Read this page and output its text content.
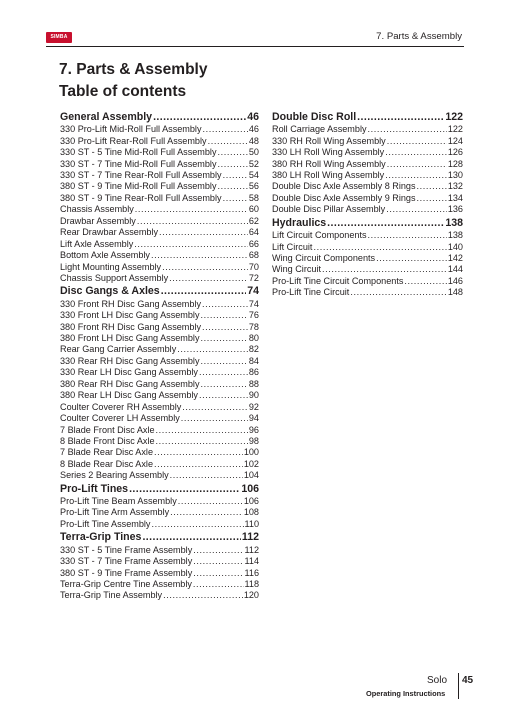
SIMBA	7. Parts & Assembly
7. Parts & Assembly
Table of contents
General Assembly .....	46
330 Pro-Lift Mid-Roll Full Assembly .....	46
330 Pro-Lift Rear-Roll Full Assembly .....	48
330 ST - 5 Tine Mid-Roll Full Assembly .....	50
330 ST - 7 Tine Mid-Roll Full Assembly .....	52
330 ST - 7 Tine Rear-Roll Full Assembly .....	54
380 ST - 9 Tine Mid-Roll Full Assembly .....	56
380 ST - 9 Tine Rear-Roll Full Assembly .....	58
Chassis Assembly .....	60
Drawbar Assembly .....	62
Rear Drawbar Assembly .....	64
Lift Axle Assembly .....	66
Bottom Axle Assembly .....	68
Light Mounting Assembly .....	70
Chassis Support Assembly .....	72
Disc Gangs & Axles .....	74
330 Front RH Disc Gang Assembly .....	74
330 Front LH Disc Gang Assembly .....	76
380 Front RH Disc Gang Assembly .....	78
380 Front LH Disc Gang Assembly .....	80
Rear Gang Carrier Assembly .....	82
330 Rear RH Disc Gang Assembly .....	84
330 Rear LH Disc Gang Assembly .....	86
380 Rear RH Disc Gang Assembly .....	88
380 Rear LH Disc Gang Assembly .....	90
Coulter Coverer RH Assembly .....	92
Coulter Coverer LH Assembly .....	94
7 Blade Front Disc Axle .....	96
8 Blade Front Disc Axle .....	98
7 Blade Rear Disc Axle .....	100
8 Blade Rear Disc Axle .....	102
Series 2 Bearing Assembly .....	104
Pro-Lift Tines .....	106
Pro-Lift Tine Beam Assembly .....	106
Pro-Lift Tine Arm Assembly .....	108
Pro-Lift Tine Assembly .....	110
Terra-Grip Tines .....	112
330 ST - 5 Tine Frame Assembly .....	112
330 ST - 7 Tine Frame Assembly .....	114
380 ST - 9 Tine Frame Assembly .....	116
Terra-Grip Centre Tine Assembly .....	118
Terra-Grip Tine Assembly .....	120
Double Disc Roll .....	122
Roll Carriage Assembly .....	122
330 RH Roll Wing Assembly .....	124
330 LH Roll Wing Assembly .....	126
380 RH Roll Wing Assembly .....	128
380 LH Roll Wing Assembly .....	130
Double Disc Axle Assembly 8 Rings .....	132
Double Disc Axle Assembly 9 Rings .....	134
Double Disc Pillar Assembly .....	136
Hydraulics .....	138
Lift Circuit Components .....	138
Lift Circuit .....	140
Wing Circuit Components .....	142
Wing Circuit .....	144
Pro-Lift Tine Circuit Components .....	146
Pro-Lift Tine Circuit .....	148
Solo 45
Operating Instructions
